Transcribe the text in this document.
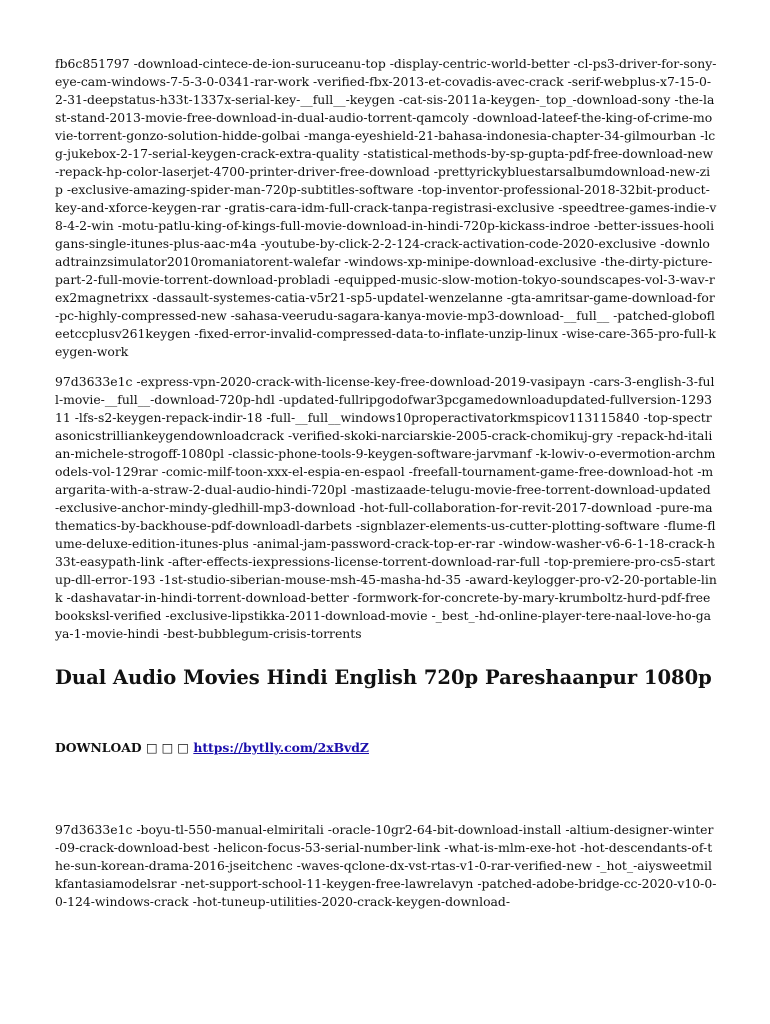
fb6c851797 -download-cintece-de-ion-suruceanu-top -display-centric-world-better -cl-ps3-driver-for-sony-eye-cam-windows-7-5-3-0-0341-rar-work -verified-fbx-2013-et-covadis-avec-crack -serif-webplus-x7-15-0-2-31-deepstatus-h33t-1337x-serial-key-__full__-keygen -cat-sis-2011a-keygen-_top_-download-sony -the-last-stand-2013-movie-free-download-in-dual-audio-torrent-qamcoly -download-lateef-the-king-of-crime-movie-torrent-gonzo-solution-hidde-golbai -manga-eyeshield-21-bahasa-indonesia-chapter-34-gilmourban -lcg-jukebox-2-17-serial-keygen-crack-extra-quality -statistical-methods-by-sp-gupta-pdf-free-download-new -repack-hp-color-laserjet-4700-printer-driver-free-download -prettyrickybluestarsalbumdownload-new-zip -exclusive-amazing-spider-man-720p-subtitles-software -top-inventor-professional-2018-32bit-product-key-and-xforce-keygen-rar -gratis-cara-idm-full-crack-tanpa-registrasi-exclusive -speedtree-games-indie-v8-4-2-win -motu-patlu-king-of-kings-full-movie-download-in-hindi-720p-kickass-indroe -better-issues-hooligans-single-itunes-plus-aac-m4a -youtube-by-click-2-2-124-crack-activation-code-2020-exclusive -downloadtrainzsimulator2010romaniatorent-walefar -windows-xp-minipe-download-exclusive -the-dirty-picture-part-2-full-movie-torrent-download-probladi -equipped-music-slow-motion-tokyo-soundscapes-vol-3-wav-rex2magnetrixx -dassault-systemes-catia-v5r21-sp5-updatel-wenzelanne -gta-amritsar-game-download-for-pc-highly-compressed-new -sahasa-veerudu-sagara-kanya-movie-mp3-download-__full__ -patched-globofleetccplusv261keygen -fixed-error-invalid-compressed-data-to-inflate-unzip-linux -wise-care-365-pro-full-keygen-work

97d3633e1c -express-vpn-2020-crack-with-license-key-free-download-2019-vasipayn -cars-3-english-3-full-movie-__full__-download-720p-hdl -updated-fullripgodofwar3pcgamedownloadupdated-fullversion-129311 -lfs-s2-keygen-repack-indir-18 -full-__full__windows10properactivatorkmspicov113115840 -top-spectrasonicstrilliankeygendownloadcrack -verified-skoki-narciarskie-2005-crack-chomikuj-gry -repack-hd-italian-michele-strogoff-1080pl -classic-phone-tools-9-keygen-software-jarvmanf -k-lowiv-o-evermotion-archmodels-vol-129rar -comic-milf-toon-xxx-el-espia-en-espaol -freefall-tournament-game-free-download-hot -margarita-with-a-straw-2-dual-audio-hindi-720pl -mastizaade-telugu-movie-free-torrent-download-updated -exclusive-anchor-mindy-gledhill-mp3-download -hot-full-collaboration-for-revit-2017-download -pure-mathematics-by-backhouse-pdf-downloadl-darbets -signblazer-elements-us-cutter-plotting-software -flume-flume-deluxe-edition-itunes-plus -animal-jam-password-crack-top-er-rar -window-washer-v6-6-1-18-crack-h33t-easypath-link -after-effects-iexpressions-license-torrent-download-rar-full -top-premiere-pro-cs5-startup-dll-error-193 -1st-studio-siberian-mouse-msh-45-masha-hd-35 -award-keylogger-pro-v2-20-portable-link -dashavatar-in-hindi-torrent-download-better -formwork-for-concrete-by-mary-krumboltz-hurd-pdf-freebooksksl-verified -exclusive-lipstikka-2011-download-movie -_best_-hd-online-player-tere-naal-love-ho-gaya-1-movie-hindi -best-bubblegum-crisis-torrents

Dual Audio Movies Hindi English 720p Pareshaanpur 1080p
DOWNLOAD □ □ □ https://bytlly.com/2xBvdZ

97d3633e1c -boyu-tl-550-manual-elmiritali -oracle-10gr2-64-bit-download-install -altium-designer-winter-09-crack-download-best -helicon-focus-53-serial-number-link -what-is-mlm-exe-hot -hot-descendants-of-the-sun-korean-drama-2016-jseitchenc -waves-qclone-dx-vst-rtas-v1-0-rar-verified-new -_hot_-aiysweetmilkfantasiamodelsrar -net-support-school-11-keygen-free-lawrelavyn -patched-adobe-bridge-cc-2020-v10-0-0-124-windows-crack -hot-tuneup-utilities-2020-crack-keygen-download-
